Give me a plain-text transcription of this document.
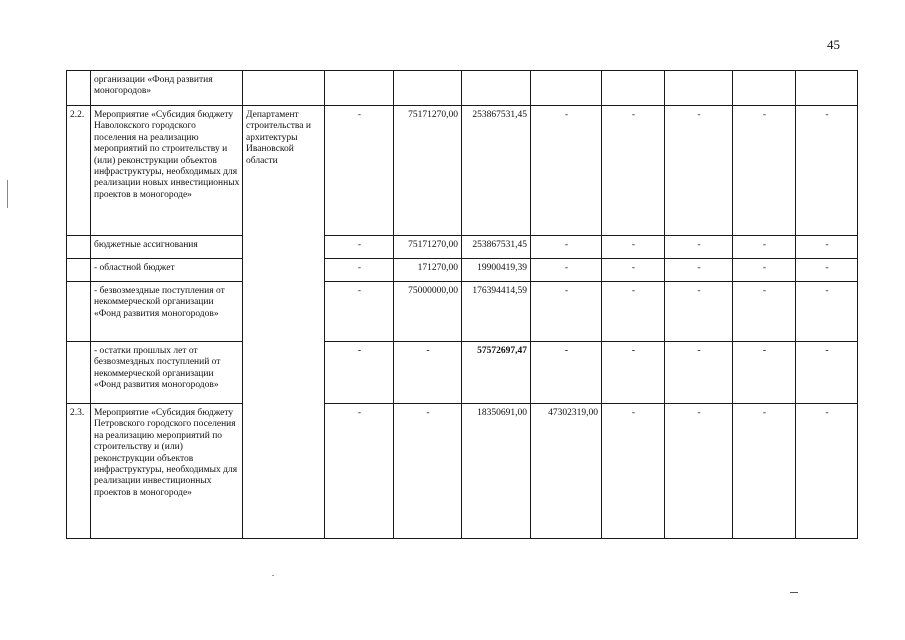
45
	организации «Фонд развития моногородов»									
2.2.	Мероприятие «Субсидия бюджету Наволокского городского поселения на реализацию мероприятий по строительству и (или) реконструкции объектов инфраструктуры, необходимых для реализации новых инвестиционных проектов в моногороде»	Департамент строительства и архитектуры Ивановской области	-	75171270,00	253867531,45	-	-	-	-	-
	бюджетные ассигнования		-	75171270,00	253867531,45	-	-	-	-	-
	- областной бюджет		-	171270,00	19900419,39	-	-	-	-	-
	- безвозмездные поступления от некоммерческой организации «Фонд развития моногородов»		-	75000000,00	176394414,59	-	-	-	-	-
	- остатки прошлых лет от безвозмездных поступлений от некоммерческой организации «Фонд развития моногородов»		-	-	57572697,47	-	-	-	-	-
2.3.	Мероприятие «Субсидия бюджету Петровского городского поселения на реализацию мероприятий по строительству и (или) реконструкции объектов инфраструктуры, необходимых для реализации инвестиционных проектов в моногороде»		-	-	18350691,00	47302319,00	-	-	-	-
